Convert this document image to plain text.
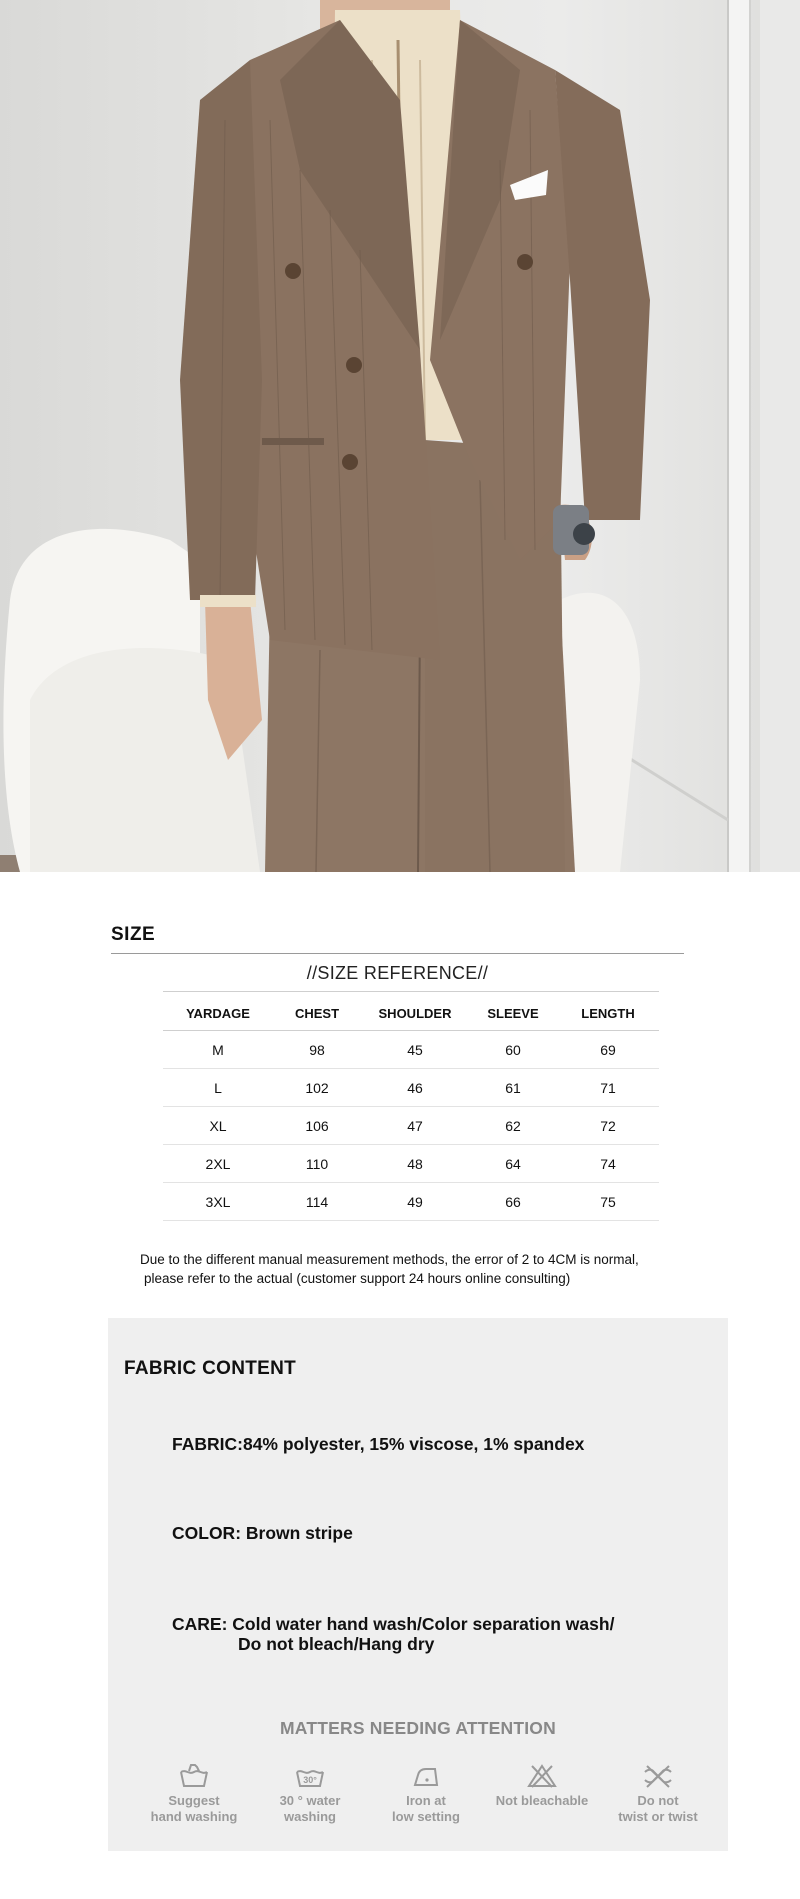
SIZE
//SIZE REFERENCE//
YARDAGE	CHEST	SHOULDER	SLEEVE	LENGTH
M	98	45	60	69
L	102	46	61	71
XL	106	47	62	72
2XL	110	48	64	74
3XL	114	49	66	75
Due to the different manual measurement methods, the error of 2 to 4CM is normal,
please refer to the actual (customer support 24 hours online consulting)
FABRIC CONTENT
FABRIC:84% polyester, 15% viscose, 1% spandex
COLOR: Brown stripe
CARE: Cold water hand wash/Color separation wash/
Do not bleach/Hang dry
MATTERS NEEDING ATTENTION
Suggest
hand washing
30°
30 ° water
washing
Iron at
low setting
Not bleachable	Do not
twist or twist
